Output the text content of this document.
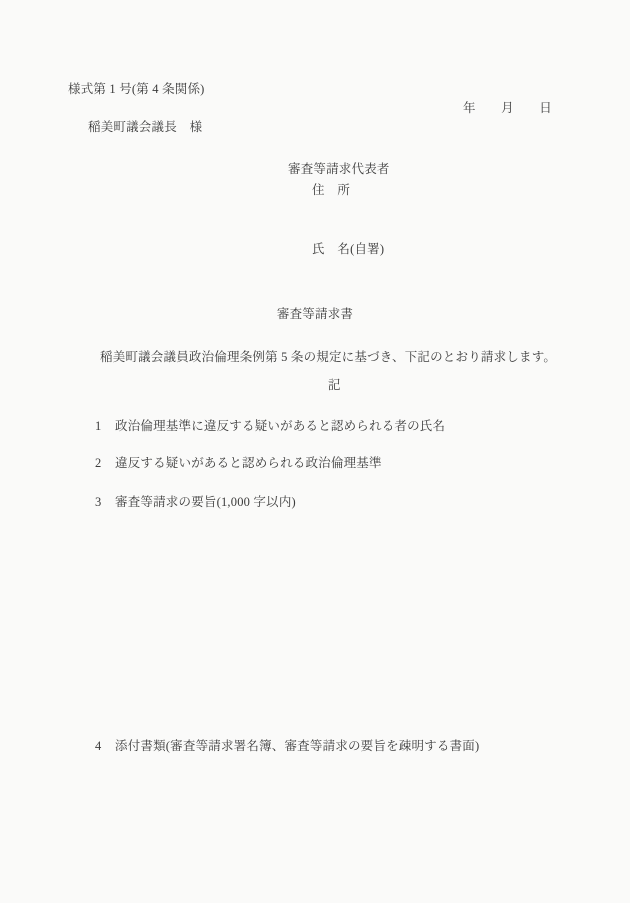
様式第 1 号(第 4 条関係)
年　　月　　日
稲美町議会議長　様
審査等請求代表者
住　所
氏　名(自署)
審査等請求書
稲美町議会議員政治倫理条例第 5 条の規定に基づき、下記のとおり請求します。
記

1

政治倫理基準に違反する疑いがあると認められる者の氏名

2

違反する疑いがあると認められる政治倫理基準

3

審査等請求の要旨(1,000 字以内)

4

添付書類(審査等請求署名簿、審査等請求の要旨を疎明する書面)
